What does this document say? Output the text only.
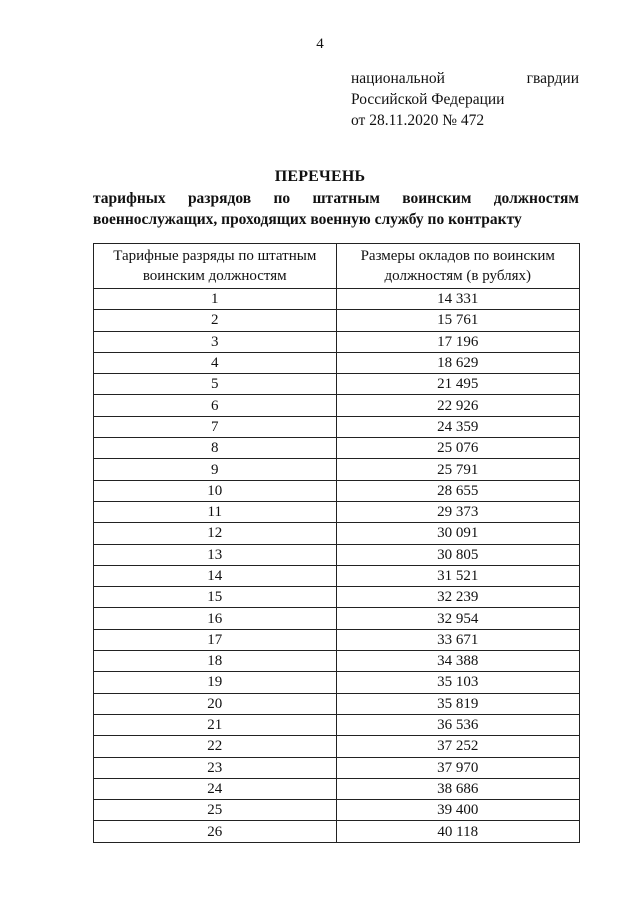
4
национальной	гвардии
Российской Федерации
от 28.11.2020 № 472
ПЕРЕЧЕНЬ
тарифных разрядов по штатным воинским должностям
военнослужащих, проходящих военную службу по контракту
Тарифные разряды по штатным воинским должностям	Размеры окладов по воинским должностям (в рублях)
1	14 331
2	15 761
3	17 196
4	18 629
5	21 495
6	22 926
7	24 359
8	25 076
9	25 791
10	28 655
11	29 373
12	30 091
13	30 805
14	31 521
15	32 239
16	32 954
17	33 671
18	34 388
19	35 103
20	35 819
21	36 536
22	37 252
23	37 970
24	38 686
25	39 400
26	40 118
